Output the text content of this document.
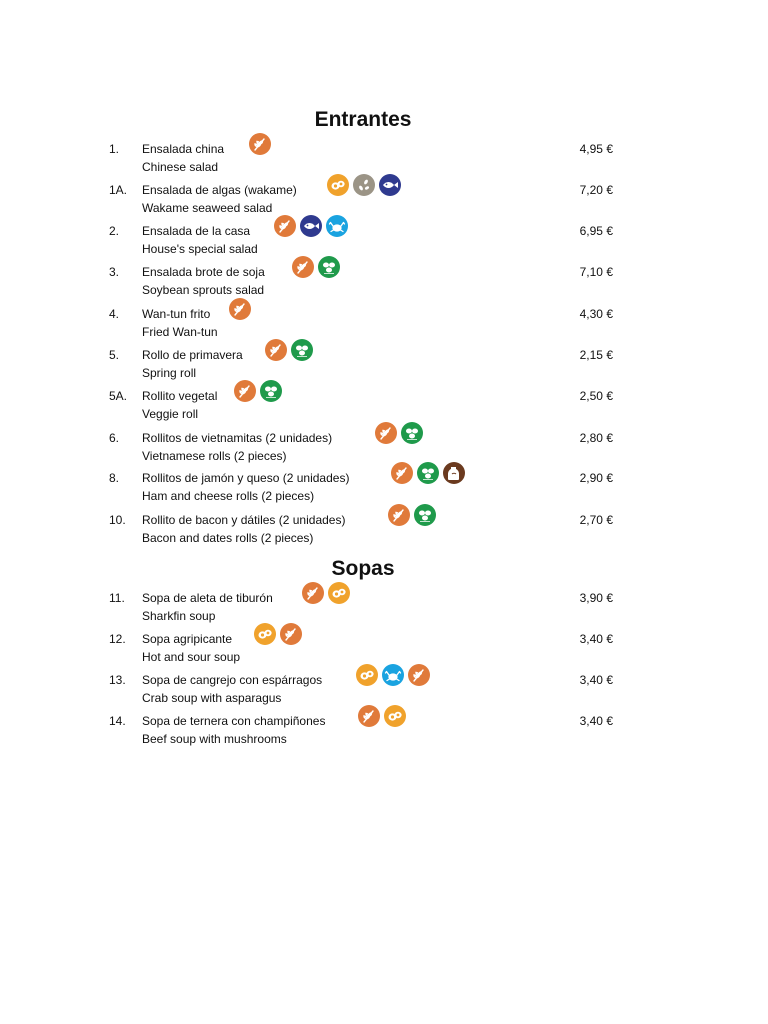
Entrantes
Sopas
1. Ensalada china
Chinese salad
4,95 €
1A. Ensalada de algas (wakame)
Wakame seaweed salad
7,20 €
2. Ensalada de la casa
House's special salad
6,95 €
3. Ensalada brote de soja
Soybean sprouts salad
7,10 €
4. Wan-tun frito
Fried Wan-tun
4,30 €
5. Rollo de primavera
Spring roll
2,15 €
5A. Rollito vegetal
Veggie roll
2,50 €
6. Rollitos de vietnamitas (2 unidades)
Vietnamese rolls (2 pieces)
2,80 €
8. Rollitos de jamón y queso (2 unidades)
Ham and cheese rolls (2 pieces)
2,90 €
10. Rollito de bacon y dátiles (2 unidades)
Bacon and dates rolls (2 pieces)
2,70 €
11. Sopa de aleta de tiburón
Sharkfin soup
3,90 €
12. Sopa agripicante
Hot and sour soup
3,40 €
13. Sopa de cangrejo con espárragos
Crab soup with asparagus
3,40 €
14. Sopa de ternera con champiñones
Beef soup with mushrooms
3,40 €
